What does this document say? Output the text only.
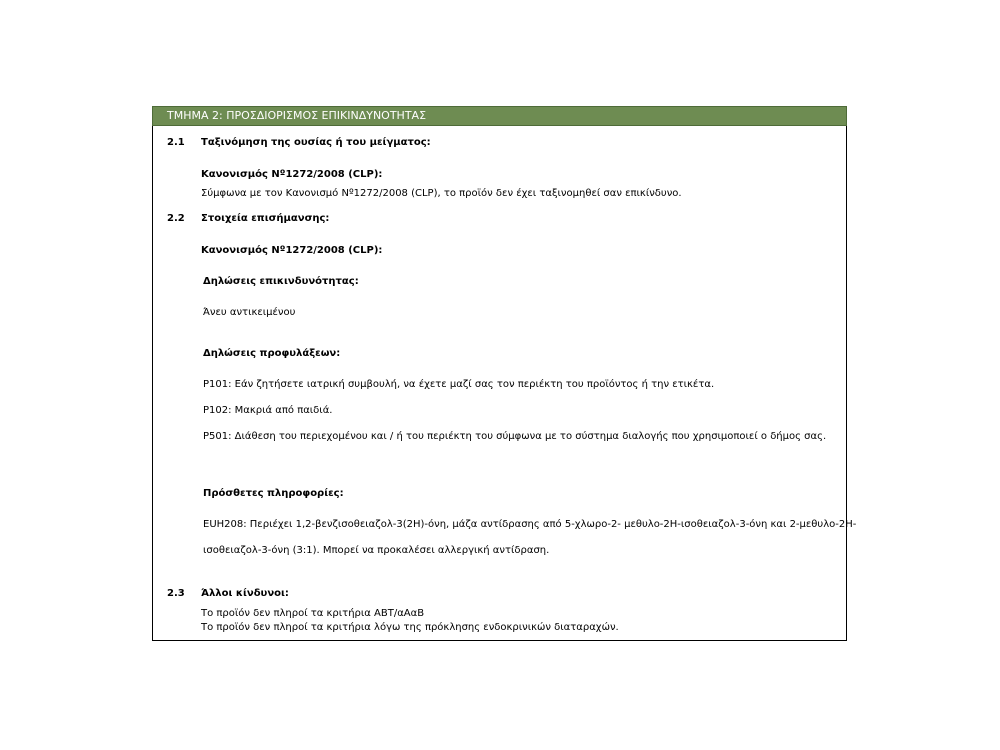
ΤΜΗΜΑ 2: ΠΡΟΣΔΙΟΡΙΣΜΟΣ ΕΠΙΚΙΝΔΥΝΟΤΗΤΑΣ
2.1 Ταξινόμηση της ουσίας ή του μείγματος:
Κανονισμός Nº1272/2008 (CLP):
Σύμφωνα με τον Κανονισμό Nº1272/2008 (CLP), το προϊόν δεν έχει ταξινομηθεί σαν επικίνδυνο.
2.2 Στοιχεία επισήμανσης:
Κανονισμός Nº1272/2008 (CLP):
Δηλώσεις επικινδυνότητας:
Άνευ αντικειμένου
Δηλώσεις προφυλάξεων:
P101: Εάν ζητήσετε ιατρική συμβουλή, να έχετε μαζί σας τον περιέκτη του προϊόντος ή την ετικέτα.
P102: Μακριά από παιδιά.
P501: Διάθεση του περιεχομένου και / ή του περιέκτη του σύμφωνα με το σύστημα διαλογής που χρησιμοποιεί ο δήμος σας.
Πρόσθετες πληροφορίες:
EUH208: Περιέχει 1,2-βενζισοθειαζολ-3(2H)-όνη, μάζα αντίδρασης από 5-χλωρο-2- μεθυλο-2H-ισοθειαζολ-3-όνη και 2-μεθυλο-2H-
ισοθειαζολ-3-όνη (3:1). Μπορεί να προκαλέσει αλλεργική αντίδραση.
2.3 Άλλοι κίνδυνοι:
Το προϊόν δεν πληροί τα κριτήρια ΑΒΤ/αΑαΒ
Το προϊόν δεν πληροί τα κριτήρια λόγω της πρόκλησης ενδοκρινικών διαταραχών.
